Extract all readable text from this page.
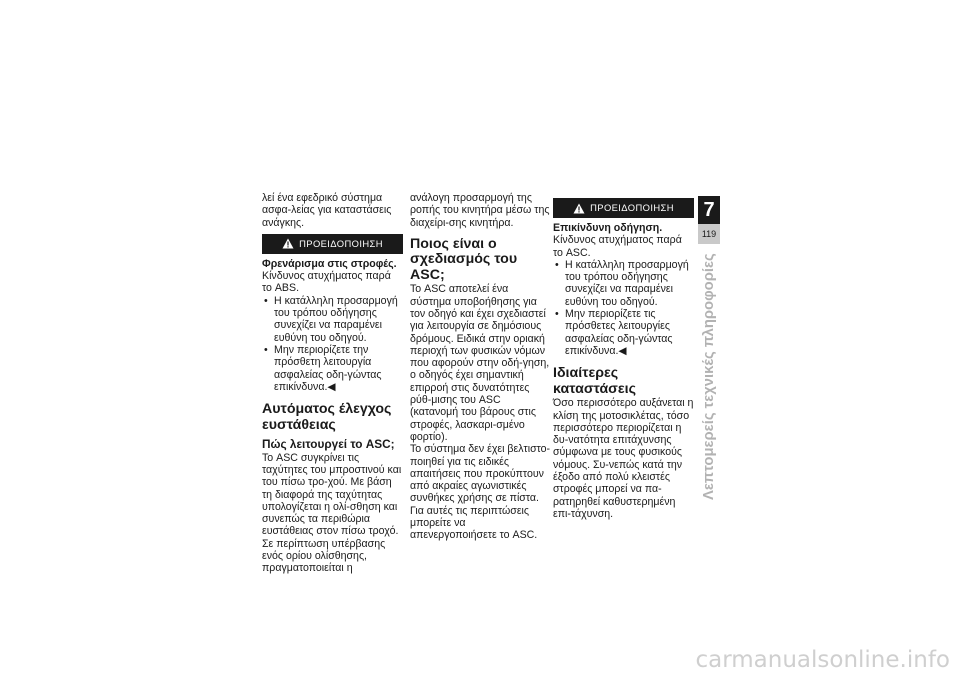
λεί ένα εφεδρικό σύστημα ασφα-λείας για καταστάσεις ανάγκης.
ΠΡΟΕΙΔΟΠΟΙΗΣΗ
Φρενάρισμα στις στροφές.
Κίνδυνος ατυχήματος παρά το ABS.
• Η κατάλληλη προσαρμογή του τρόπου οδήγησης συνεχίζει να παραμένει ευθύνη του οδηγού.
• Μην περιορίζετε την πρόσθετη λειτουργία ασφαλείας οδη-γώντας επικίνδυνα.◀
Αυτόματος έλεγχος ευστάθειας
Πώς λειτουργεί το ASC;
Το ASC συγκρίνει τις ταχύτητες του μπροστινού και του πίσω τρο-χού. Με βάση τη διαφορά της ταχύτητας υπολογίζεται η ολί-σθηση και συνεπώς τα περιθώρια ευστάθειας στον πίσω τροχό. Σε περίπτωση υπέρβασης ενός ορίου ολίσθησης, πραγματοποιείται η
ανάλογη προσαρμογή της ροπής του κινητήρα μέσω της διαχείρι-σης κινητήρα.
Ποιος είναι ο σχεδιασμός του ASC;
Το ASC αποτελεί ένα σύστημα υποβοήθησης για τον οδηγό και έχει σχεδιαστεί για λειτουργία σε δημόσιους δρόμους. Ειδικά στην οριακή περιοχή των φυσικών νόμων που αφορούν στην οδή-γηση, ο οδηγός έχει σημαντική επιρροή στις δυνατότητες ρύθ-μισης του ASC (κατανομή του βάρους στις στροφές, λασκαρι-σμένο φορτίο).
Το σύστημα δεν έχει βελτιστο-ποιηθεί για τις ειδικές απαιτήσεις που προκύπτουν από ακραίες αγωνιστικές συνθήκες χρήσης σε πίστα. Για αυτές τις περιπτώσεις μπορείτε να απενεργοποιήσετε το ASC.
ΠΡΟΕΙΔΟΠΟΙΗΣΗ
Επικίνδυνη οδήγηση.
Κίνδυνος ατυχήματος παρά το ASC.
• Η κατάλληλη προσαρμογή του τρόπου οδήγησης συνεχίζει να παραμένει ευθύνη του οδηγού.
• Μην περιορίζετε τις πρόσθετες λειτουργίες ασφαλείας οδη-γώντας επικίνδυνα.◀
Ιδιαίτερες καταστάσεις
Όσο περισσότερο αυξάνεται η κλίση της μοτοσικλέτας, τόσο περισσότερο περιορίζεται η δυ-νατότητα επιτάχυνσης σύμφωνα με τους φυσικούς νόμους. Συ-νεπώς κατά την έξοδο από πολύ κλειστές στροφές μπορεί να πα-ρατηρηθεί καθυστερημένη επι-τάχυνση.
7
119
Λεπτομερείς τεχνικές πληροφορίες
carmanualsonline.info
